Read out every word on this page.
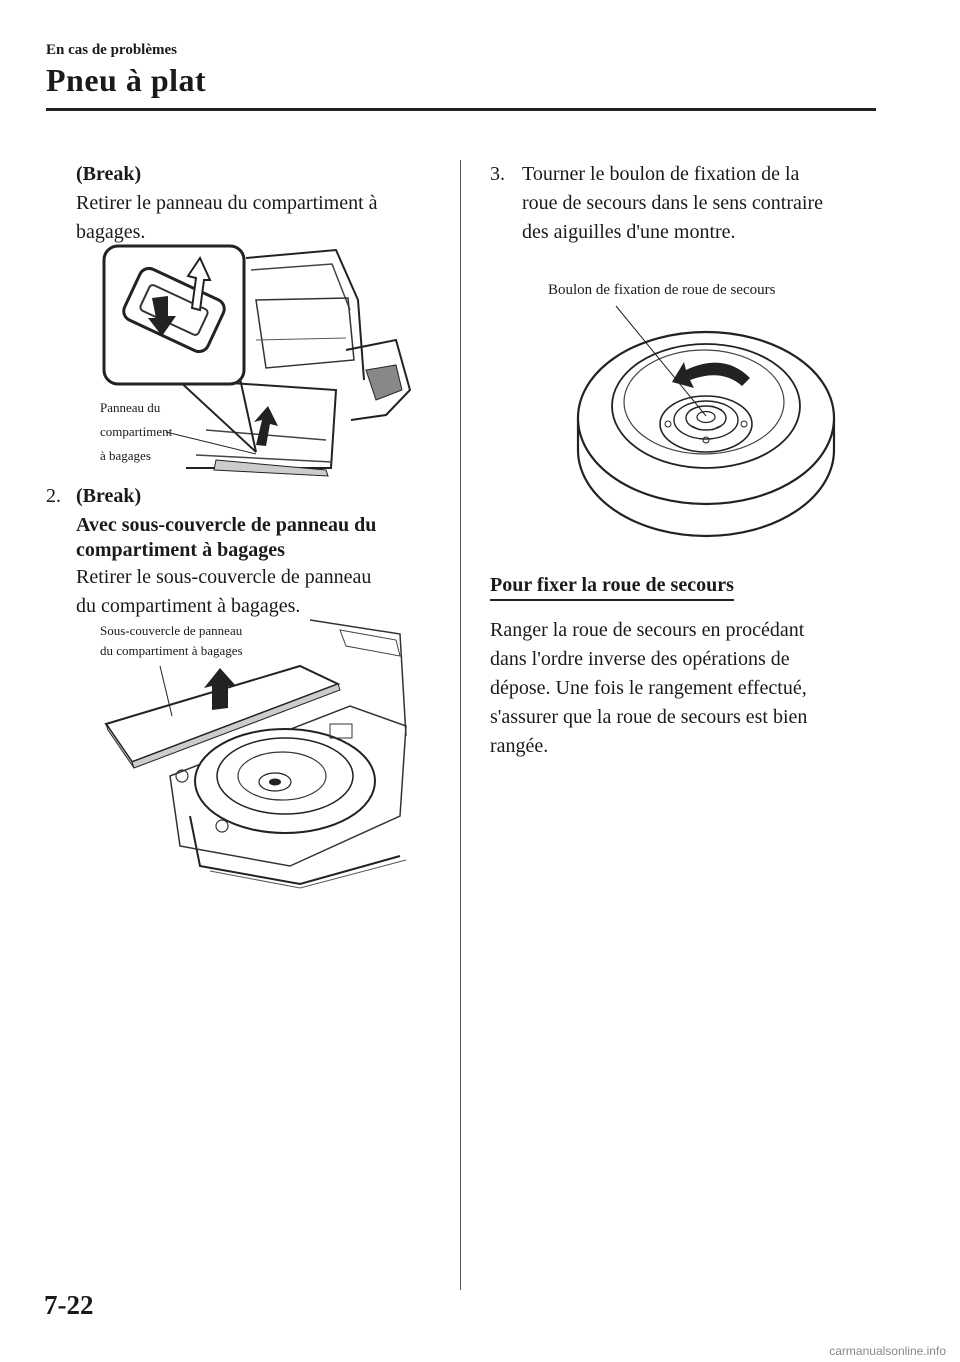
En cas de problèmes
Pneu à plat
(Break)
Retirer le panneau du compartiment à
bagages.
Panneau du
compartiment
à bagages
2. (Break)
Avec sous-couvercle de panneau du
compartiment à bagages
Retirer le sous-couvercle de panneau
du compartiment à bagages.
Sous-couvercle de panneau
du compartiment à bagages
3. Tourner le boulon de fixation de la
roue de secours dans le sens contraire
des aiguilles d'une montre.
Boulon de fixation de roue de secours
Pour fixer la roue de secours
Ranger la roue de secours en procédant
dans l'ordre inverse des opérations de
dépose. Une fois le rangement effectué,
s'assurer que la roue de secours est bien
rangée.
7-22
carmanualsonline.info
